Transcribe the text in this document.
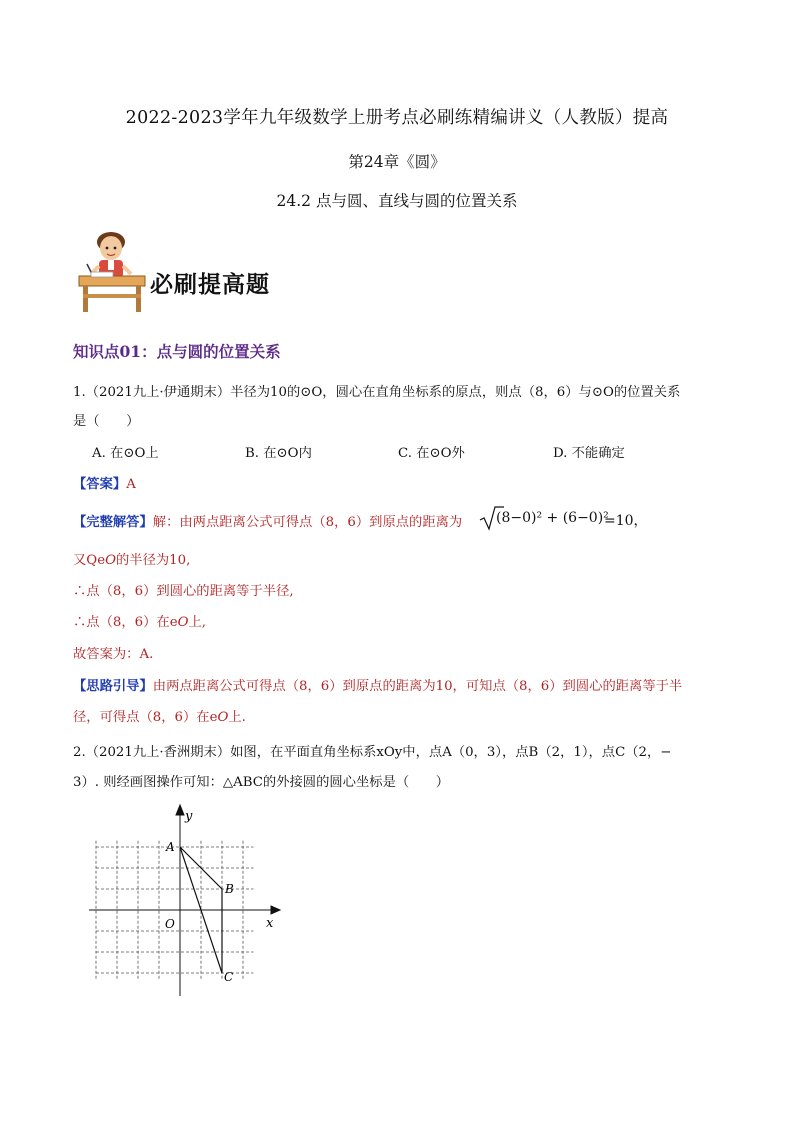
2022-2023学年九年级数学上册考点必刷练精编讲义（人教版）提高
第24章《圆》
24.2 点与圆、直线与圆的位置关系
必刷提高题
知识点01：点与圆的位置关系
1.（2021九上·伊通期末）半径为10的⊙O，圆心在直角坐标系的原点，则点（8，6）与⊙O的位置关系
是（　　）
A. 在⊙O上	B. 在⊙O内	C. 在⊙O外	D. 不能确定
【答案】A
【完整解答】解：由两点距离公式可得点（8，6）到原点的距离为 (8−0)² + (6−0)²
=10，
又QeO的半径为10,
∴点（8，6）到圆心的距离等于半径,
∴点（8，6）在eO上,
故答案为：A.
【思路引导】由两点距离公式可得点（8，6）到原点的距离为10，可知点（8，6）到圆心的距离等于半
径，可得点（8，6）在eO上.
2.（2021九上·香洲期末）如图，在平面直角坐标系xOy中，点A（0，3），点B（2，1），点C（2，−
3）. 则经画图操作可知：△ABC的外接圆的圆心坐标是（　　）
y
x
O
A
B
C
